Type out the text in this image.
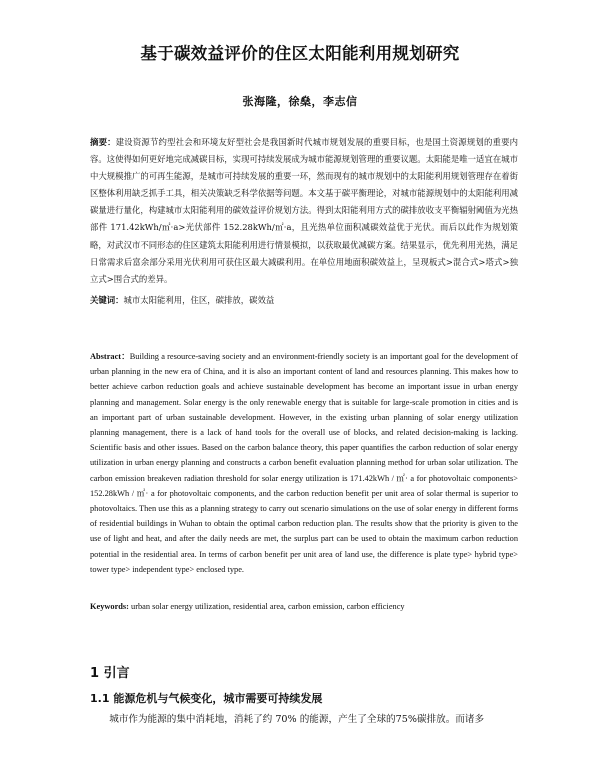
基于碳效益评价的住区太阳能利用规划研究
张海隆，徐燊，李志信
摘要：建设资源节约型社会和环境友好型社会是我国新时代城市规划发展的重要目标，也是国土资源规划的重要内容。这使得如何更好地完成减碳目标，实现可持续发展成为城市能源规划管理的重要议题。太阳能是唯一适宜在城市中大规模推广的可再生能源，是城市可持续发展的重要一环，然而现有的城市规划中的太阳能利用规划管理存在着街区整体利用缺乏抓手工具，相关决策缺乏科学依据等问题。本文基于碳平衡理论，对城市能源规划中的太阳能利用减碳量进行量化，构建城市太阳能利用的碳效益评价规划方法。得到太阳能利用方式的碳排放收支平衡辐射阈值为光热部件 171.42kWh/㎡·a>光伏部件 152.28kWh/㎡·a，且光热单位面积减碳效益优于光伏。而后以此作为规划策略，对武汉市不同形态的住区建筑太阳能利用进行情景模拟，以获取最优减碳方案。结果显示，优先利用光热，满足日常需求后富余部分采用光伏利用可获住区最大减碳利用。在单位用地面积碳效益上，呈现板式>混合式>塔式>独立式>围合式的差异。
关键词：城市太阳能利用，住区，碳排放，碳效益
Abstract：Building a resource-saving society and an environment-friendly society is an important goal for the development of urban planning in the new era of China, and it is also an important content of land and resources planning. This makes how to better achieve carbon reduction goals and achieve sustainable development has become an important issue in urban energy planning and management. Solar energy is the only renewable energy that is suitable for large-scale promotion in cities and is an important part of urban sustainable development. However, in the existing urban planning of solar energy utilization planning management, there is a lack of hand tools for the overall use of blocks, and related decision-making is lacking. Scientific basis and other issues. Based on the carbon balance theory, this paper quantifies the carbon reduction of solar energy utilization in urban energy planning and constructs a carbon benefit evaluation planning method for urban solar utilization. The carbon emission breakeven radiation threshold for solar energy utilization is 171.42kWh / ㎡· a for photovoltaic components> 152.28kWh / ㎡· a for photovoltaic components, and the carbon reduction benefit per unit area of solar thermal is superior to photovoltaics. Then use this as a planning strategy to carry out scenario simulations on the use of solar energy in different forms of residential buildings in Wuhan to obtain the optimal carbon reduction plan. The results show that the priority is given to the use of light and heat, and after the daily needs are met, the surplus part can be used to obtain the maximum carbon reduction potential in the residential area. In terms of carbon benefit per unit area of land use, the difference is plate type> hybrid type> tower type> independent type> enclosed type.
Keywords: urban solar energy utilization, residential area, carbon emission, carbon efficiency
1 引言
1.1 能源危机与气候变化，城市需要可持续发展
城市作为能源的集中消耗地，消耗了约 70% 的能源，产生了全球的75%碳排放。而诸多
